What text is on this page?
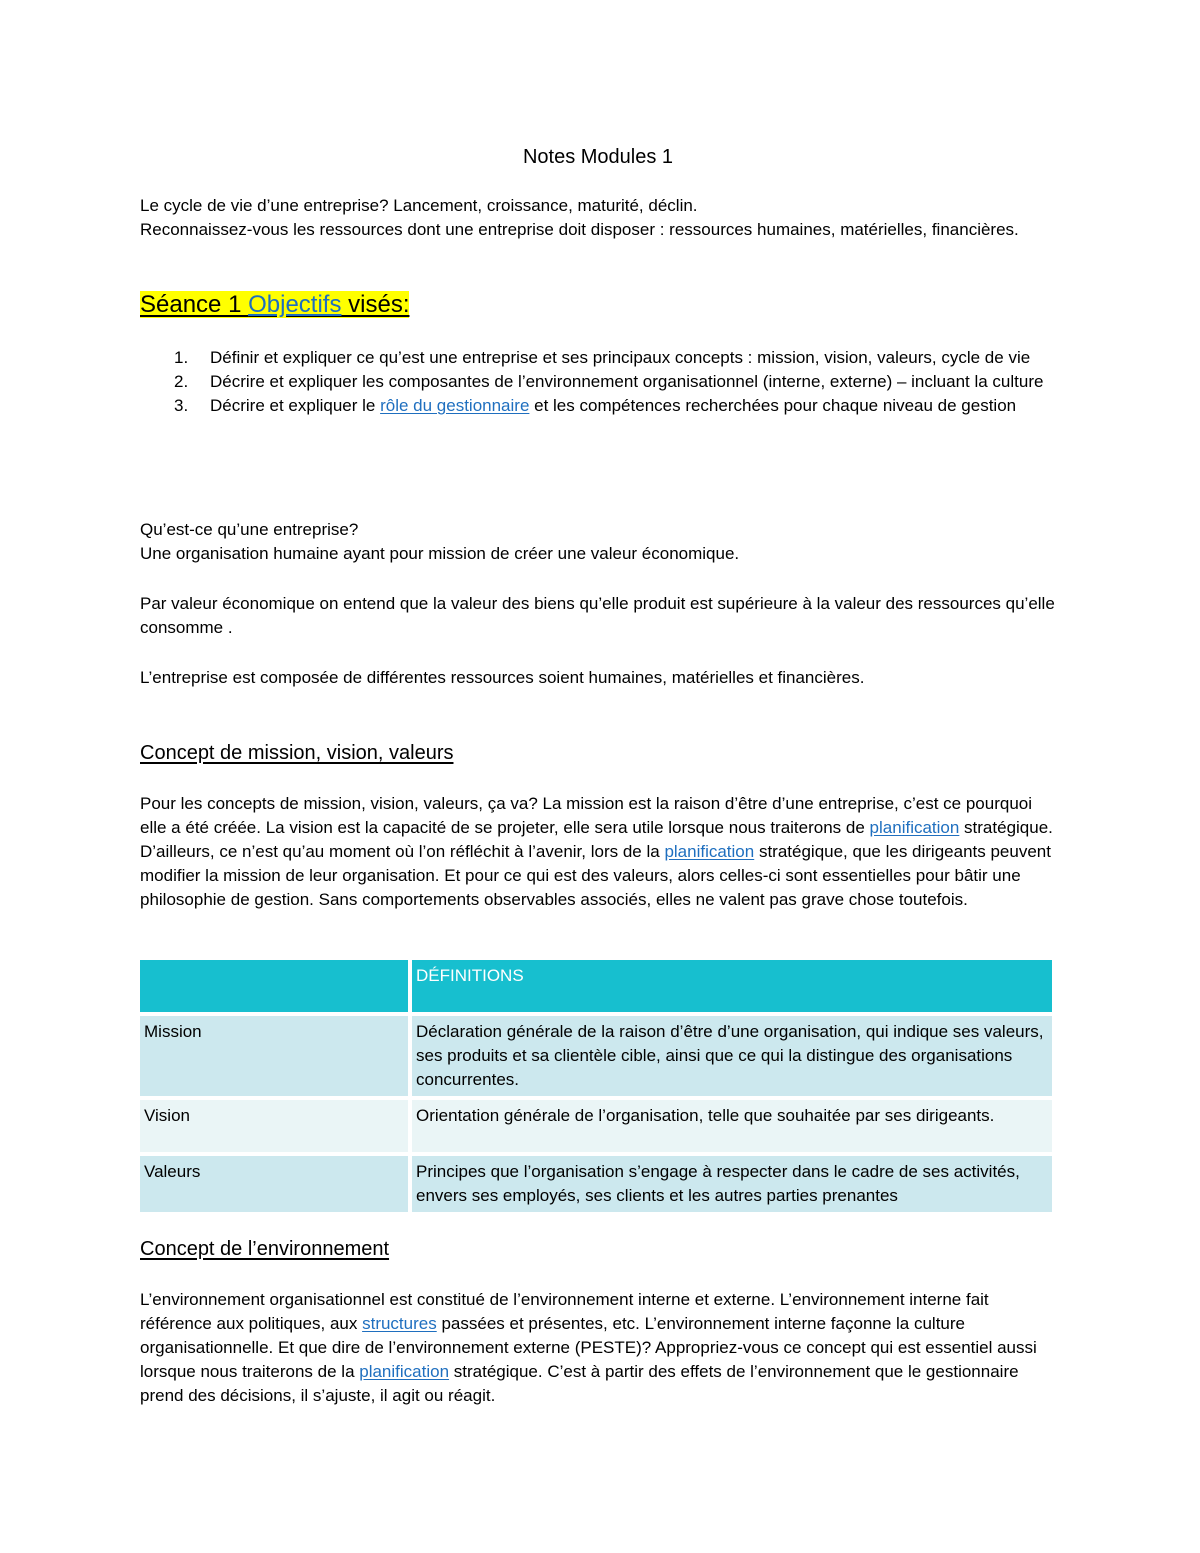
Notes Modules 1
Le cycle de vie d’une entreprise? Lancement, croissance, maturité, déclin.
Reconnaissez-vous les ressources dont une entreprise doit disposer : ressources humaines, matérielles, financières.
Séance 1 Objectifs visés:
1. Définir et expliquer ce qu’est une entreprise et ses principaux concepts : mission, vision, valeurs, cycle de vie
2. Décrire et expliquer les composantes de l’environnement organisationnel (interne, externe) – incluant la culture
3. Décrire et expliquer le rôle du gestionnaire et les compétences recherchées pour chaque niveau de gestion
Qu’est-ce qu’une entreprise?
Une organisation humaine ayant pour mission de créer une valeur économique.
Par valeur économique on entend que la valeur des biens qu’elle produit est supérieure à la valeur des ressources qu’elle consomme .
L’entreprise est composée de différentes ressources soient humaines, matérielles et financières.
Concept de mission, vision, valeurs
Pour les concepts de mission, vision, valeurs, ça va? La mission est la raison d’être d’une entreprise, c’est ce pourquoi elle a été créée. La vision est la capacité de se projeter, elle sera utile lorsque nous traiterons de planification stratégique. D’ailleurs, ce n’est qu’au moment où l’on réfléchit à l’avenir, lors de la planification stratégique, que les dirigeants peuvent modifier la mission de leur organisation. Et pour ce qui est des valeurs, alors celles-ci sont essentielles pour bâtir une philosophie de gestion. Sans comportements observables associés, elles ne valent pas grave chose toutefois.
	DÉFINITIONS
Mission	Déclaration générale de la raison d’être d’une organisation, qui indique ses valeurs, ses produits et sa clientèle cible, ainsi que ce qui la distingue des organisations concurrentes.
Vision	Orientation générale de l’organisation, telle que souhaitée par ses dirigeants.
Valeurs	Principes que l’organisation s’engage à respecter dans le cadre de ses activités, envers ses employés, ses clients et les autres parties prenantes
Concept de l’environnement
L’environnement organisationnel est constitué de l’environnement interne et externe. L’environnement interne fait référence aux politiques, aux structures passées et présentes, etc. L’environnement interne façonne la culture organisationnelle. Et que dire de l’environnement externe (PESTE)? Appropriez-vous ce concept qui est essentiel aussi lorsque nous traiterons de la planification stratégique. C’est à partir des effets de l’environnement que le gestionnaire prend des décisions, il s’ajuste, il agit ou réagit.
